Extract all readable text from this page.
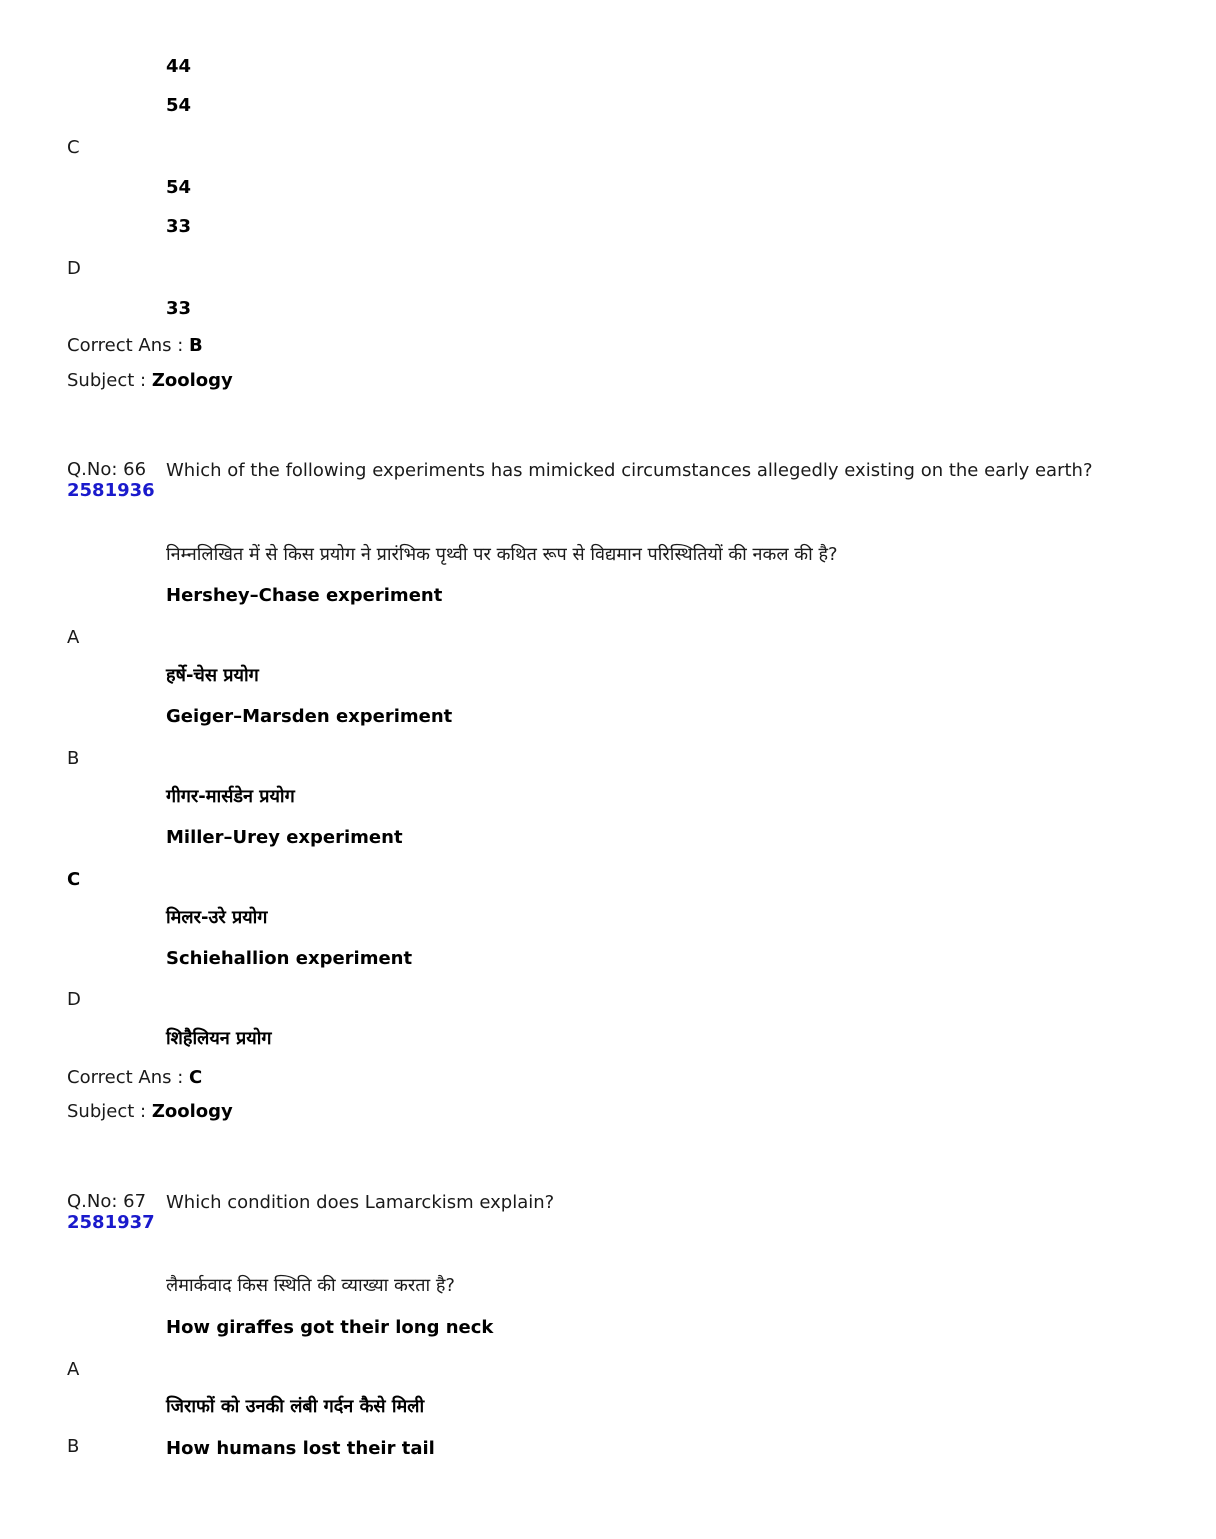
44
54
C
54
33
D
33
Correct Ans : B
Subject : Zoology
Q.No: 66 Which of the following experiments has mimicked circumstances allegedly existing on the early earth?
2581936
निम्नलिखित में से किस प्रयोग ने प्रारंभिक पृथ्वी पर कथित रूप से विद्यमान परिस्थितियों की नकल की है?
Hershey–Chase experiment
A
हर्षे-चेस प्रयोग
Geiger–Marsden experiment
B
गीगर-मार्सडेन प्रयोग
Miller–Urey experiment
C
मिलर-उरे प्रयोग
Schiehallion experiment
D
शिहैलियन प्रयोग
Correct Ans : C
Subject : Zoology
Q.No: 67 Which condition does Lamarckism explain?
2581937
लैमार्कवाद किस स्थिति की व्याख्या करता है?
How giraffes got their long neck
A
जिराफों को उनकी लंबी गर्दन कैसे मिली
B	How humans lost their tail
